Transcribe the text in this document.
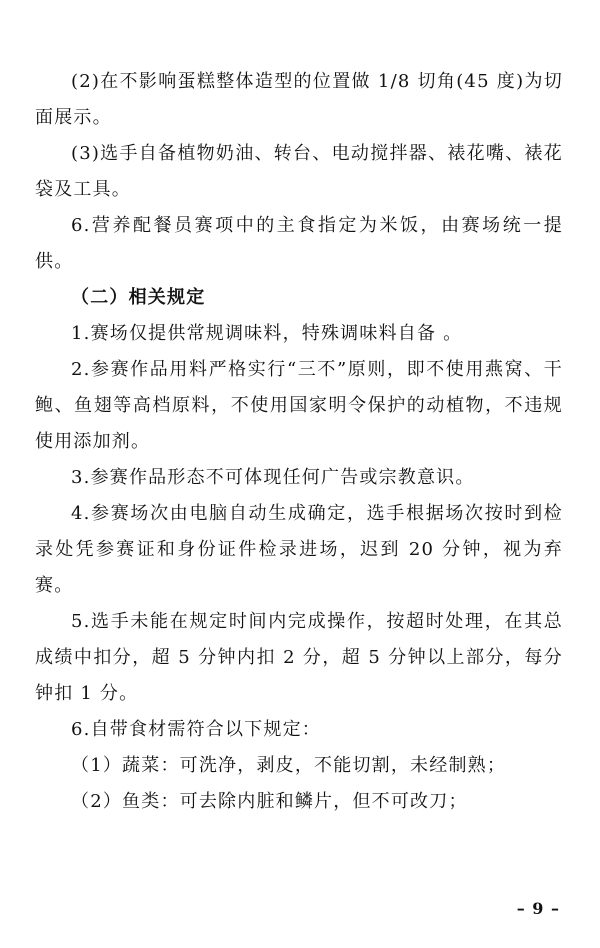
(2)在不影响蛋糕整体造型的位置做 1/8 切角(45 度)为切面展示。

(3)选手自备植物奶油、转台、电动搅拌器、裱花嘴、裱花袋及工具。

6.营养配餐员赛项中的主食指定为米饭，由赛场统一提供。

（二）相关规定

1.赛场仅提供常规调味料，特殊调味料自备 。

2.参赛作品用料严格实行“三不”原则，即不使用燕窝、干鲍、鱼翅等高档原料，不使用国家明令保护的动植物，不违规使用添加剂。

3.参赛作品形态不可体现任何广告或宗教意识。

4.参赛场次由电脑自动生成确定，选手根据场次按时到检录处凭参赛证和身份证件检录进场，迟到 20 分钟，视为弃赛。

5.选手未能在规定时间内完成操作，按超时处理，在其总成绩中扣分，超 5 分钟内扣 2 分，超 5 分钟以上部分，每分钟扣 1 分。

6.自带食材需符合以下规定：

（1）蔬菜：可洗净，剥皮，不能切割，未经制熟；

（2）鱼类：可去除内脏和鳞片，但不可改刀；

– 9 –
